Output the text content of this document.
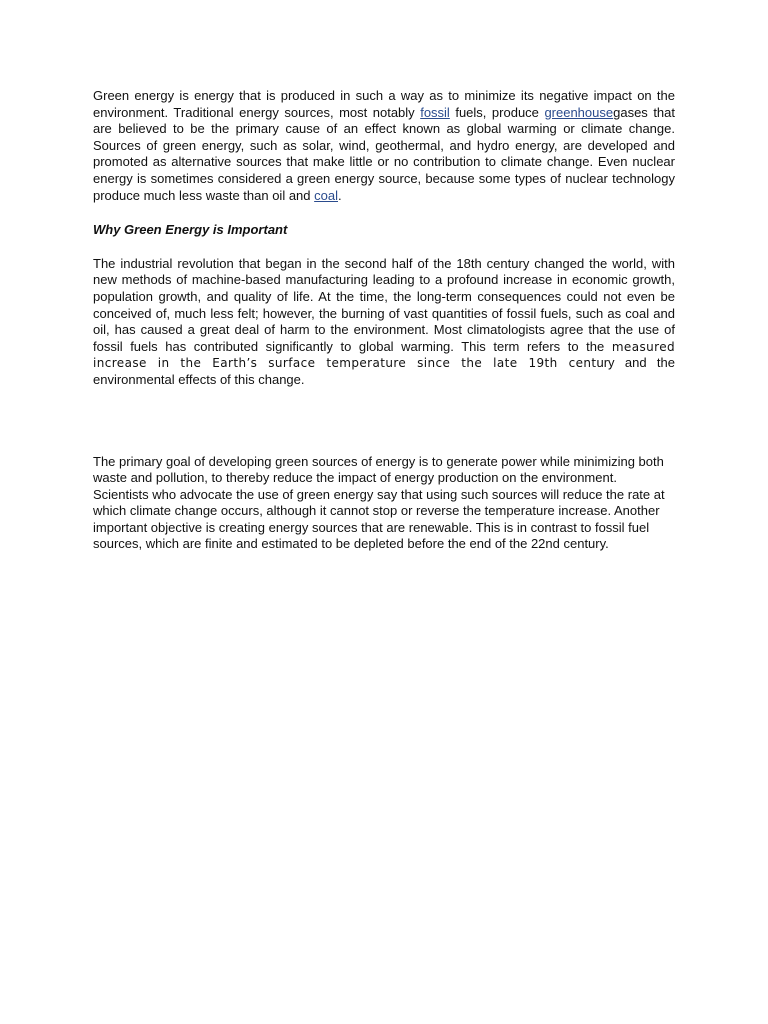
Green energy is energy that is produced in such a way as to minimize its negative impact on the environment. Traditional energy sources, most notably fossil fuels, produce greenhousegases that are believed to be the primary cause of an effect known as global warming or climate change. Sources of green energy, such as solar, wind, geothermal, and hydro energy, are developed and promoted as alternative sources that make little or no contribution to climate change. Even nuclear energy is sometimes considered a green energy source, because some types of nuclear technology produce much less waste than oil and coal.

Why Green Energy is Important

The industrial revolution that began in the second half of the 18th century changed the world, with new methods of machine-based manufacturing leading to a profound increase in economic growth, population growth, and quality of life. At the time, the long-term consequences could not even be conceived of, much less felt; however, the burning of vast quantities of fossil fuels, such as coal and oil, has caused a great deal of harm to the environment. Most climatologists agree that the use of fossil fuels has contributed significantly to global warming. This term refers to the measured increase in the Earth’s surface temperature since the late 19th century and the environmental effects of this change.

The primary goal of developing green sources of energy is to generate power while minimizing both waste and pollution, to thereby reduce the impact of energy production on the environment. Scientists who advocate the use of green energy say that using such sources will reduce the rate at which climate change occurs, although it cannot stop or reverse the temperature increase. Another important objective is creating energy sources that are renewable. This is in contrast to fossil fuel sources, which are finite and estimated to be depleted before the end of the 22nd century.
